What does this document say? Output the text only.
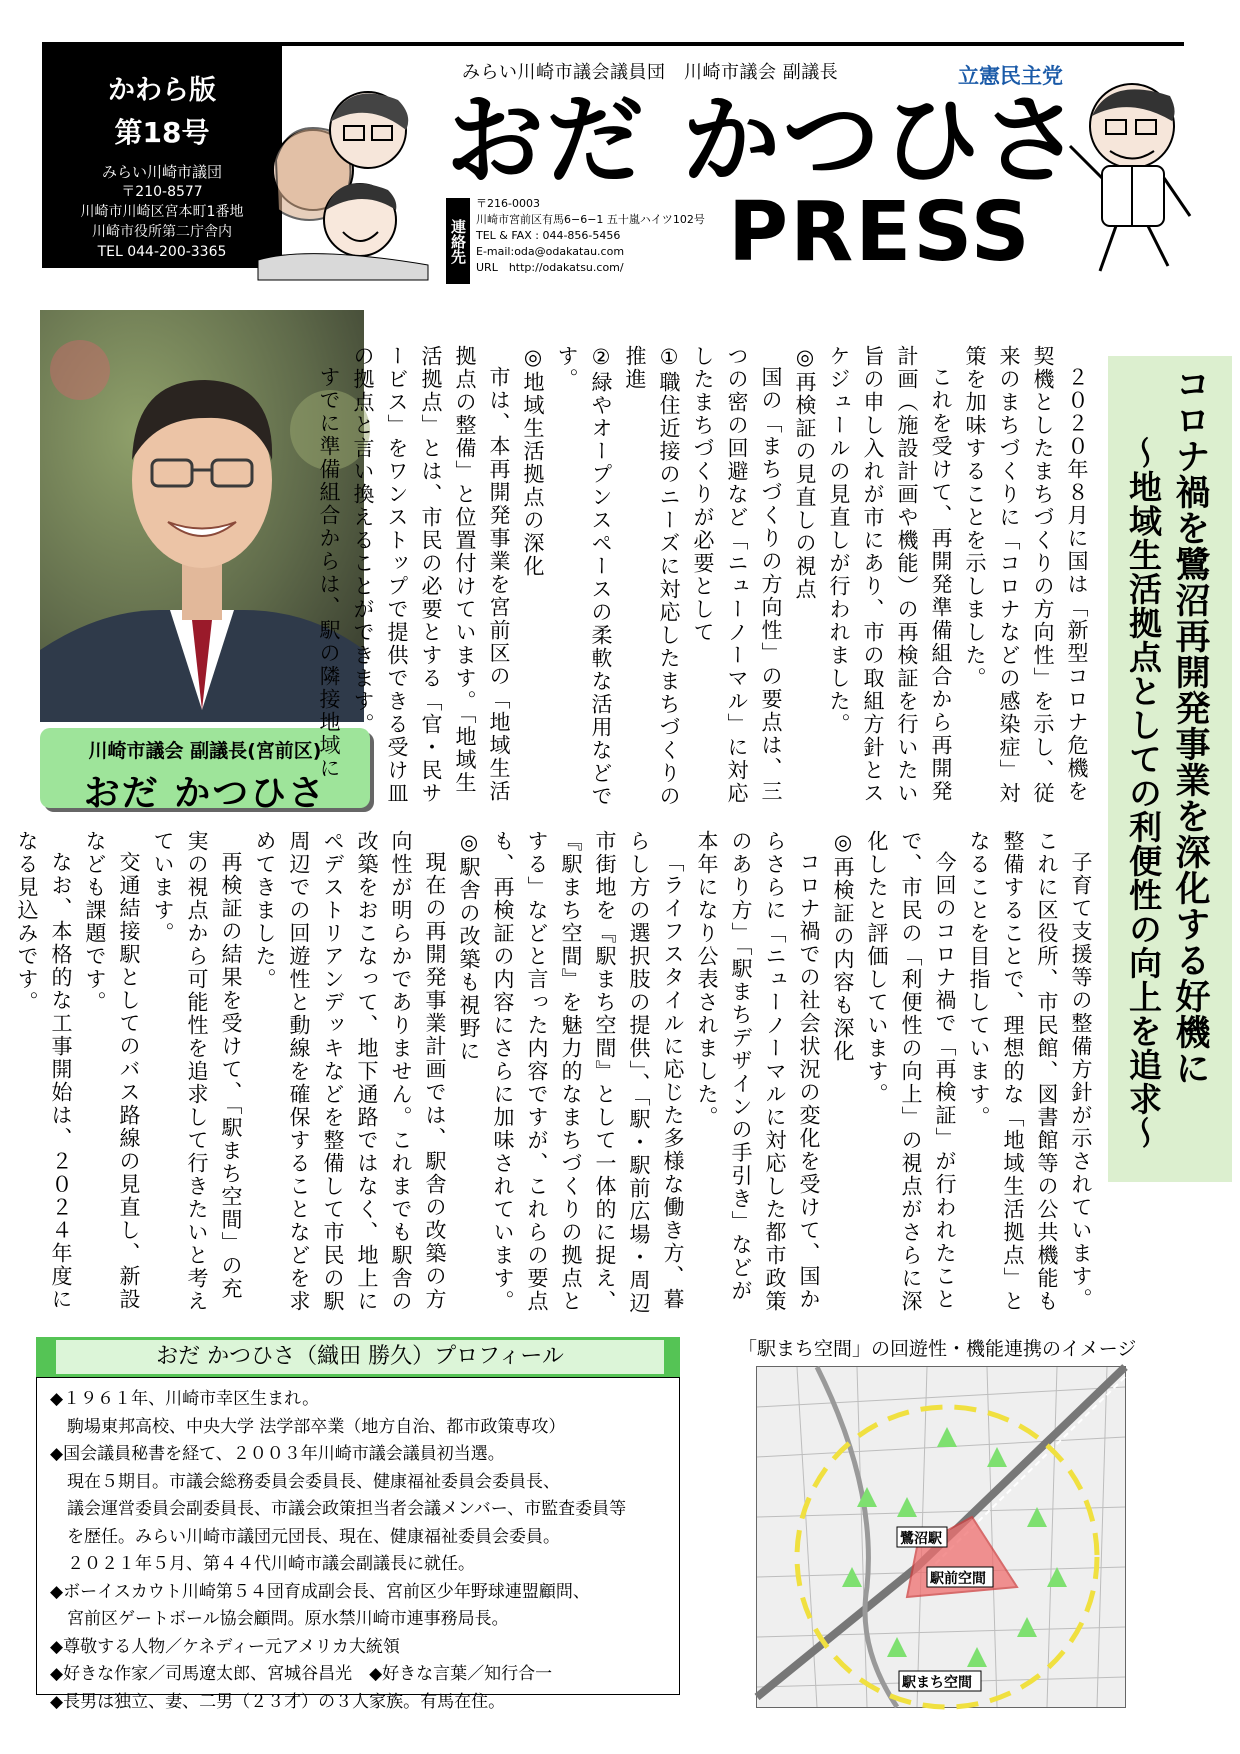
かわら版
第18号
みらい川崎市議団
〒210-8577
川崎市川崎区宮本町1番地
川崎市役所第二庁舎内
TEL 044-200-3365
みらい川崎市議会議員団　川崎市議会 副議長	立憲民主党
おだ かつひさ
連絡先
〒216-0003
川崎市宮前区有馬6−6−1 五十嵐ハイツ102号
TEL & FAX : 044-856-5456
E-mail:oda@odakatau.com
URL　http://odakatsu.com/	PRESS
川崎市議会 副議長(宮前区)
おだ かつひさ	コロナ禍を鷺沼再開発事業を深化する好機に
〜地域生活拠点としての利便性の向上を追求〜

２０２０年８月に国は「新型コロナ危機を契機としたまちづくりの方向性」を示し、従来のまちづくりに「コロナなどの感染症」対策を加味することを示しました。

これを受けて、再開発準備組合から再開発計画（施設計画や機能）の再検証を行いたい旨の申し入れが市にあり、市の取組方針とスケジュールの見直しが行われました。

◎再検証の見直しの視点

国の「まちづくりの方向性」の要点は、三つの密の回避など「ニューノーマル」に対応したまちづくりが必要として

①職住近接のニーズに対応したまちづくりの推進

②緑やオープンスペースの柔軟な活用などです。

◎地域生活拠点の深化

市は、本再開発事業を宮前区の「地域生活拠点の整備」と位置付けています。「地域生活拠点」とは、市民の必要とする「官・民サービス」をワンストップで提供できる受け皿の拠点と言い換えることができます。

すでに準備組合からは、駅の隣接地域に

子育て支援等の整備方針が示されています。これに区役所、市民館、図書館等の公共機能も整備することで、理想的な「地域生活拠点」となることを目指しています。

今回のコロナ禍で「再検証」が行われたことで、市民の「利便性の向上」の視点がさらに深化したと評価しています。

◎再検証の内容も深化

コロナ禍での社会状況の変化を受けて、国からさらに「ニューノーマルに対応した都市政策のあり方」「駅まちデザインの手引き」などが本年になり公表されました。

「ライフスタイルに応じた多様な働き方、暮らし方の選択肢の提供」、「駅・駅前広場・周辺市街地を『駅まち空間』として一体的に捉え、『駅まち空間』を魅力的なまちづくりの拠点とする」などと言った内容ですが、これらの要点も、再検証の内容にさらに加味されています。

◎駅舎の改築も視野に

現在の再開発事業計画では、駅舎の改築の方向性が明らかでありません。これまでも駅舎の改築をおこなって、地下通路ではなく、地上にペデストリアンデッキなどを整備して市民の駅周辺での回遊性と動線を確保することなどを求めてきました。

再検証の結果を受けて、「駅まち空間」の充実の視点から可能性を追求して行きたいと考えています。

交通結接駅としてのバス路線の見直し、新設なども課題です。

なお、本格的な工事開始は、２０２４年度になる見込みです。

おだ かつひさ（織田 勝久）プロフィール
◆１９６１年、川崎市幸区生まれ。
　駒場東邦高校、中央大学 法学部卒業（地方自治、都市政策専攻）
◆国会議員秘書を経て、２００３年川崎市議会議員初当選。
　現在５期目。市議会総務委員会委員長、健康福祉委員会委員長、
　議会運営委員会副委員長、市議会政策担当者会議メンバー、市監査委員等
　を歴任。みらい川崎市議団元団長、現在、健康福祉委員会委員。
　２０２１年５月、第４４代川崎市議会副議長に就任。
◆ボーイスカウト川崎第５４団育成副会長、宮前区少年野球連盟顧問、
　宮前区ゲートボール協会顧問。原水禁川崎市連事務局長。
◆尊敬する人物／ケネディー元アメリカ大統領
◆好きな作家／司馬遼太郎、宮城谷昌光　◆好きな言葉／知行合一
◆長男は独立、妻、二男（２３才）の３人家族。有馬在住。
「駅まち空間」の回遊性・機能連携のイメージ
鷺沼駅
駅前空間
駅まち空間
